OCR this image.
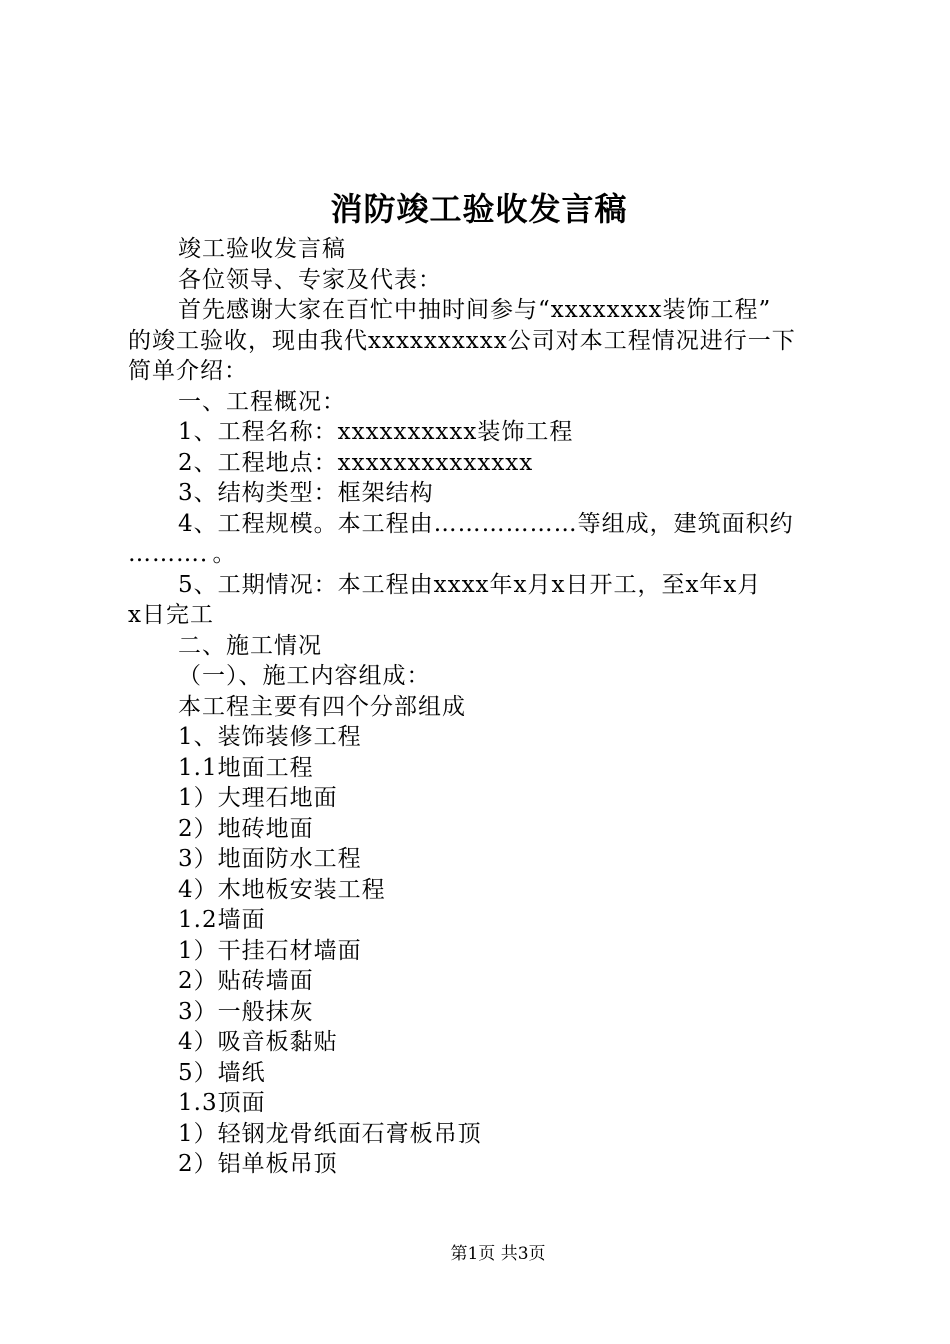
消防竣工验收发言稿
竣工验收发言稿
各位领导、专家及代表：
首先感谢大家在百忙中抽时间参与“xxxxxxxx装饰工程”
的竣工验收，现由我代xxxxxxxxxx公司对本工程情况进行一下
简单介绍：
一、工程概况：
1、工程名称：xxxxxxxxxx装饰工程
2、工程地点：xxxxxxxxxxxxxx
3、结构类型：框架结构
4、工程规模。本工程由………………等组成，建筑面积约
………．。
5、工期情况：本工程由xxxx年x月x日开工，至x年x月
x日完工
二、施工情况
（一）、施工内容组成：
本工程主要有四个分部组成
1、装饰装修工程
1.1地面工程
1）大理石地面
2）地砖地面
3）地面防水工程
4）木地板安装工程
1.2墙面
1）干挂石材墙面
2）贴砖墙面
3）一般抹灰
4）吸音板黏贴
5）墙纸
1.3顶面
1）轻钢龙骨纸面石膏板吊顶
2）铝单板吊顶
第1页 共3页
